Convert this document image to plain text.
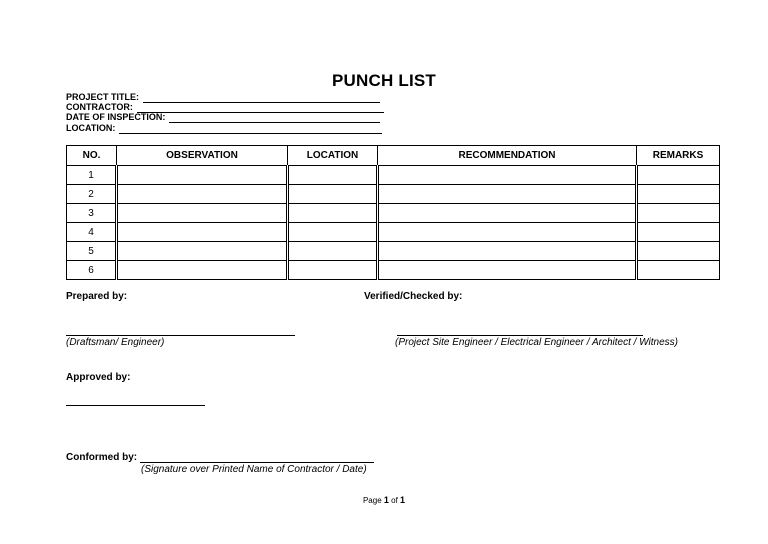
PUNCH LIST
PROJECT TITLE:
CONTRACTOR:
DATE OF INSPECTION:
LOCATION:
NO.	OBSERVATION	LOCATION	RECOMMENDATION	REMARKS
1				
2				
3				
4				
5				
6				
Prepared by:
(Draftsman/ Engineer)
Verified/Checked by:
(Project Site Engineer / Electrical Engineer / Architect / Witness)
Approved by:
Conformed by:
(Signature over Printed Name of Contractor / Date)
Page 1 of 1
